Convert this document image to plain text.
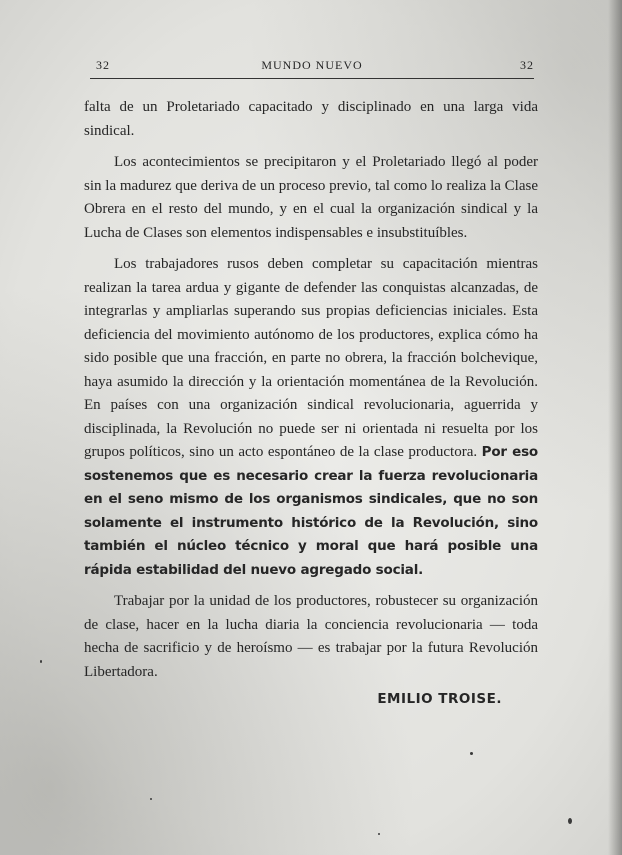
32	MUNDO NUEVO	32

falta de un Proletariado capacitado y disciplinado en una larga vida sindical.

Los acontecimientos se precipitaron y el Proletariado llegó al poder sin la madurez que deriva de un proceso previo, tal como lo realiza la Clase Obrera en el resto del mundo, y en el cual la organización sindical y la Lucha de Clases son elementos indispensables e insubstituíbles.

Los trabajadores rusos deben completar su capacitación mientras realizan la tarea ardua y gigante de defender las conquistas alcanzadas, de integrarlas y ampliarlas superando sus propias deficiencias iniciales. Esta deficiencia del movimiento autónomo de los productores, explica cómo ha sido posible que una fracción, en parte no obrera, la fracción bolchevique, haya asumido la dirección y la orientación momentánea de la Revolución. En países con una organización sindical revolucionaria, aguerrida y disciplinada, la Revolución no puede ser ni orientada ni resuelta por los grupos políticos, sino un acto espontáneo de la clase productora. Por eso sostenemos que es necesario crear la fuerza revolucionaria en el seno mismo de los organismos sindicales, que no son solamente el instrumento histórico de la Revolución, sino también el núcleo técnico y moral que hará posible una rápida estabilidad del nuevo agregado social.

Trabajar por la unidad de los productores, robustecer su organización de clase, hacer en la lucha diaria la conciencia revolucionaria — toda hecha de sacrificio y de heroísmo — es trabajar por la futura Revolución Libertadora.

EMILIO TROISE.
